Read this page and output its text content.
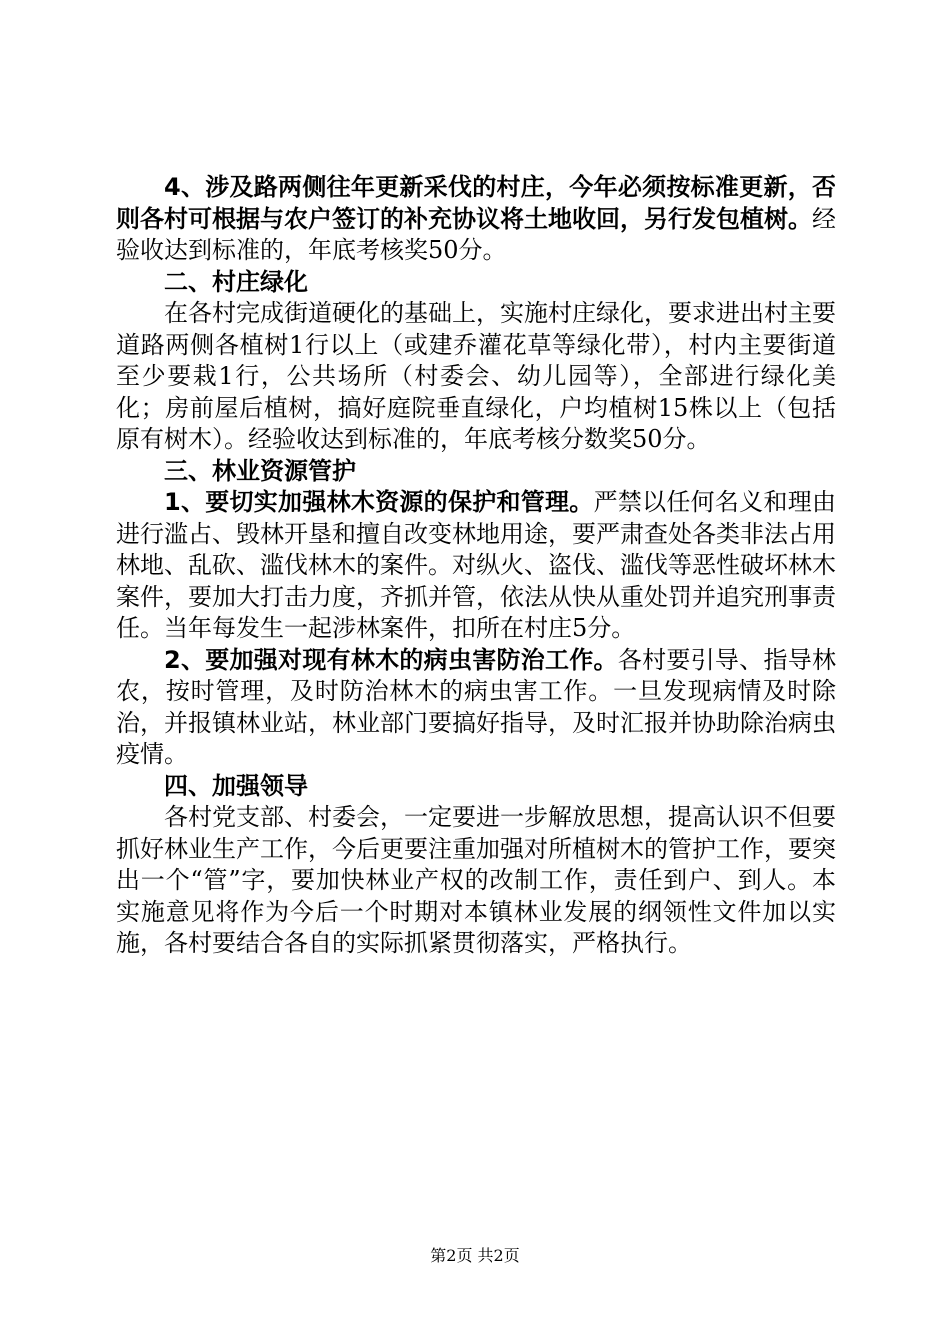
4、涉及路两侧往年更新采伐的村庄，今年必须按标准更新，否则各村可根据与农户签订的补充协议将土地收回，另行发包植树。经验收达到标准的，年底考核奖50分。

二、村庄绿化

在各村完成街道硬化的基础上，实施村庄绿化，要求进出村主要道路两侧各植树1行以上（或建乔灌花草等绿化带），村内主要街道至少要栽1行，公共场所（村委会、幼儿园等），全部进行绿化美化；房前屋后植树，搞好庭院垂直绿化，户均植树15株以上（包括原有树木）。经验收达到标准的，年底考核分数奖50分。

三、林业资源管护

1、要切实加强林木资源的保护和管理。严禁以任何名义和理由进行滥占、毁林开垦和擅自改变林地用途，要严肃查处各类非法占用林地、乱砍、滥伐林木的案件。对纵火、盗伐、滥伐等恶性破坏林木案件，要加大打击力度，齐抓并管，依法从快从重处罚并追究刑事责任。当年每发生一起涉林案件，扣所在村庄5分。

2、要加强对现有林木的病虫害防治工作。各村要引导、指导林农，按时管理，及时防治林木的病虫害工作。一旦发现病情及时除治，并报镇林业站，林业部门要搞好指导，及时汇报并协助除治病虫疫情。

四、加强领导

各村党支部、村委会，一定要进一步解放思想，提高认识不但要抓好林业生产工作，今后更要注重加强对所植树木的管护工作，要突出一个“管”字，要加快林业产权的改制工作，责任到户、到人。本实施意见将作为今后一个时期对本镇林业发展的纲领性文件加以实施，各村要结合各自的实际抓紧贯彻落实，严格执行。

第2页 共2页
